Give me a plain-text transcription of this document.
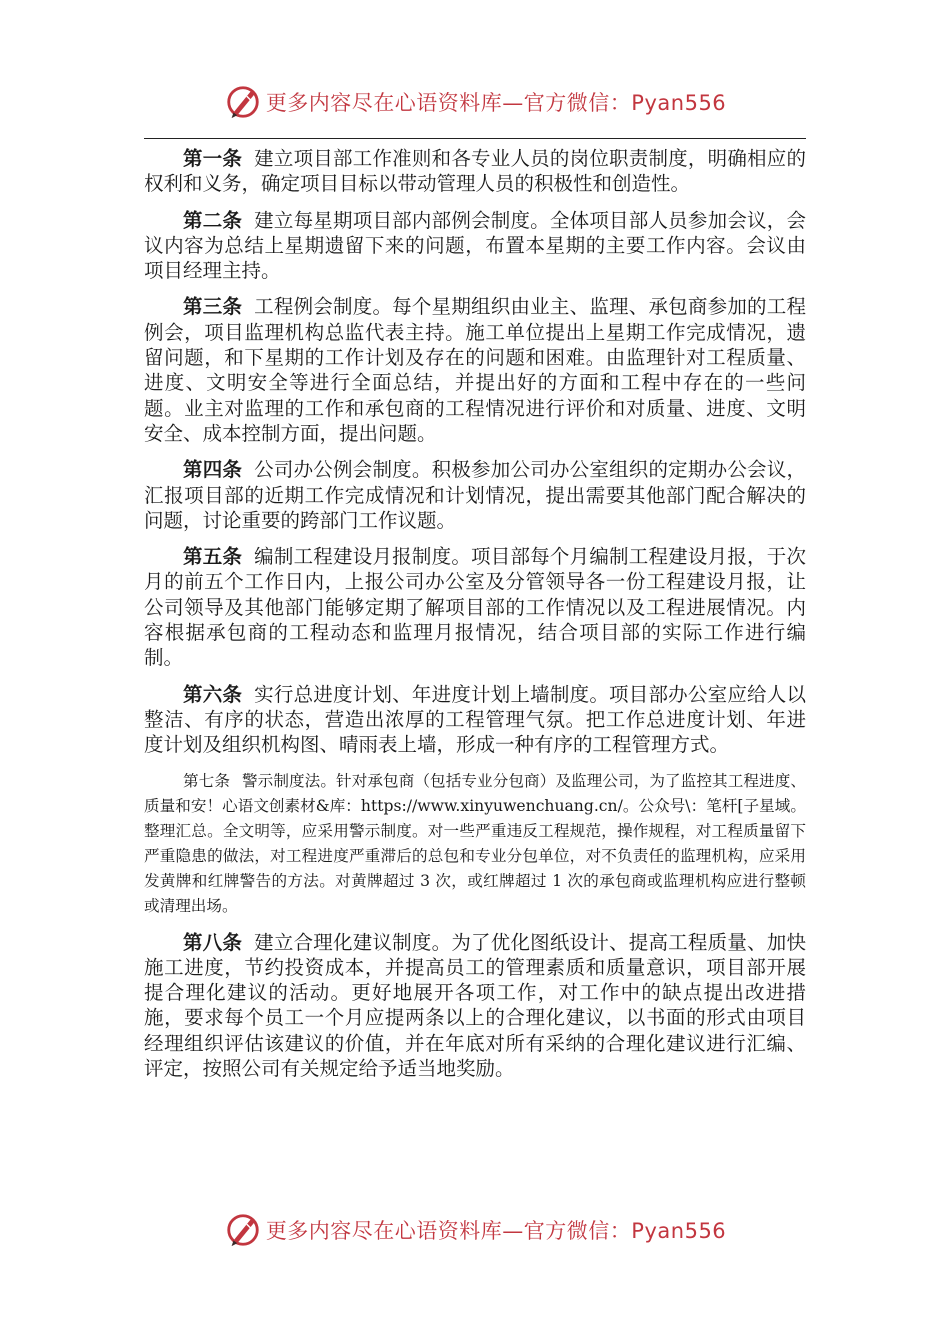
更多内容尽在心语资料库—官方微信：Pyan556

第一条 建立项目部工作准则和各专业人员的岗位职责制度，明确相应的权利和义务，确定项目目标以带动管理人员的积极性和创造性。

第二条 建立每星期项目部内部例会制度。全体项目部人员参加会议，会议内容为总结上星期遗留下来的问题，布置本星期的主要工作内容。会议由项目经理主持。

第三条 工程例会制度。每个星期组织由业主、监理、承包商参加的工程例会，项目监理机构总监代表主持。施工单位提出上星期工作完成情况，遗留问题，和下星期的工作计划及存在的问题和困难。由监理针对工程质量、进度、文明安全等进行全面总结，并提出好的方面和工程中存在的一些问题。业主对监理的工作和承包商的工程情况进行评价和对质量、进度、文明安全、成本控制方面，提出问题。

第四条 公司办公例会制度。积极参加公司办公室组织的定期办公会议，汇报项目部的近期工作完成情况和计划情况，提出需要其他部门配合解决的问题，讨论重要的跨部门工作议题。

第五条 编制工程建设月报制度。项目部每个月编制工程建设月报，于次月的前五个工作日内，上报公司办公室及分管领导各一份工程建设月报，让公司领导及其他部门能够定期了解项目部的工作情况以及工程进展情况。内容根据承包商的工程动态和监理月报情况，结合项目部的实际工作进行编制。

第六条 实行总进度计划、年进度计划上墙制度。项目部办公室应给人以整洁、有序的状态，营造出浓厚的工程管理气氛。把工作总进度计划、年进度计划及组织机构图、晴雨表上墙，形成一种有序的工程管理方式。

第七条 警示制度法。针对承包商（包括专业分包商）及监理公司，为了监控其工程进度、质量和安！心语文创素材&库：https://www.xinyuwenchuang.cn/。公众号\：笔杆[子星域。整理汇总。全文明等，应采用警示制度。对一些严重违反工程规范，操作规程，对工程质量留下严重隐患的做法，对工程进度严重滞后的总包和专业分包单位，对不负责任的监理机构，应采用发黄牌和红牌警告的方法。对黄牌超过 3 次，或红牌超过 1 次的承包商或监理机构应进行整顿或清理出场。

第八条 建立合理化建议制度。为了优化图纸设计、提高工程质量、加快施工进度，节约投资成本，并提高员工的管理素质和质量意识，项目部开展提合理化建议的活动。更好地展开各项工作，对工作中的缺点提出改进措施，要求每个员工一个月应提两条以上的合理化建议，以书面的形式由项目经理组织评估该建议的价值，并在年底对所有采纳的合理化建议进行汇编、评定，按照公司有关规定给予适当地奖励。

更多内容尽在心语资料库—官方微信：Pyan556
